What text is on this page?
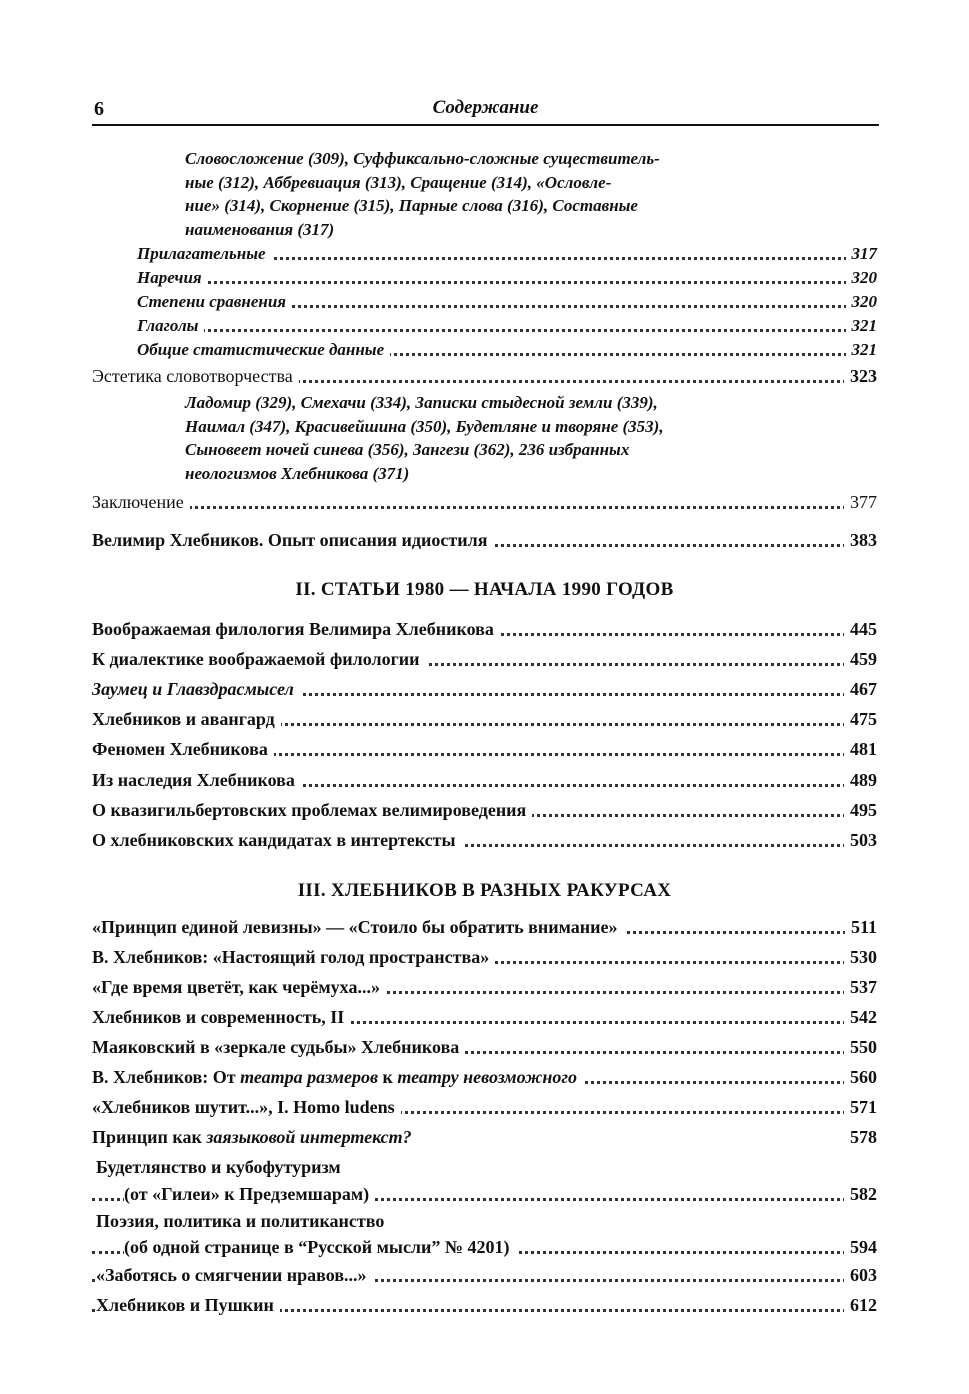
6	Содержание
Словосложение (309), Суффиксально-сложные существитель-
ные (312), Аббревиация (313), Сращение (314), «Ословле-
ние» (314), Скорнение (315), Парные слова (316), Составные
наименования (317)
Прилагательные	317
Наречия	320
Степени сравнения	320
Глаголы	321
Общие статистические данные	321
Эстетика словотворчества	323
Ладомир (329), Смехачи (334), Записки стыдесной земли (339),
Наимал (347), Красивейшина (350), Будетляне и творяне (353),
Сыновеет ночей синева (356), Зангези (362), 236 избранных
неологизмов Хлебникова (371)
Заключение	377
Велимир Хлебников. Опыт описания идиостиля	383
II. СТАТЬИ 1980 — НАЧАЛА 1990 ГОДОВ
Воображаемая филология Велимира Хлебникова	445
К диалектике воображаемой филологии	459
Заумец и Главздрасмысел	467
Хлебников и авангард	475
Феномен Хлебникова	481
Из наследия Хлебникова	489
О квазигильбертовских проблемах велимироведения	495
О хлебниковских кандидатах в интертексты	503
III. ХЛЕБНИКОВ В РАЗНЫХ РАКУРСАХ
«Принцип единой левизны» — «Стоило бы обратить внимание»	511
В. Хлебников: «Настоящий голод пространства»	530
«Где время цветёт, как черёмуха...»	537
Хлебников и современность, II	542
Маяковский в «зеркале судьбы» Хлебникова	550
В. Хлебников: От театра размеров к театру невозможного	560
«Хлебников шутит...», I. Homo ludens	571
Принцип как заязыковой интертекст?	578
Будетлянство и кубофутуризм
(от «Гилеи» к Предземшарам)	582
Поэзия, политика и политиканство
(об одной странице в “Русской мысли” № 4201)	594
«Заботясь о смягчении нравов...»	603
Хлебников и Пушкин	612
